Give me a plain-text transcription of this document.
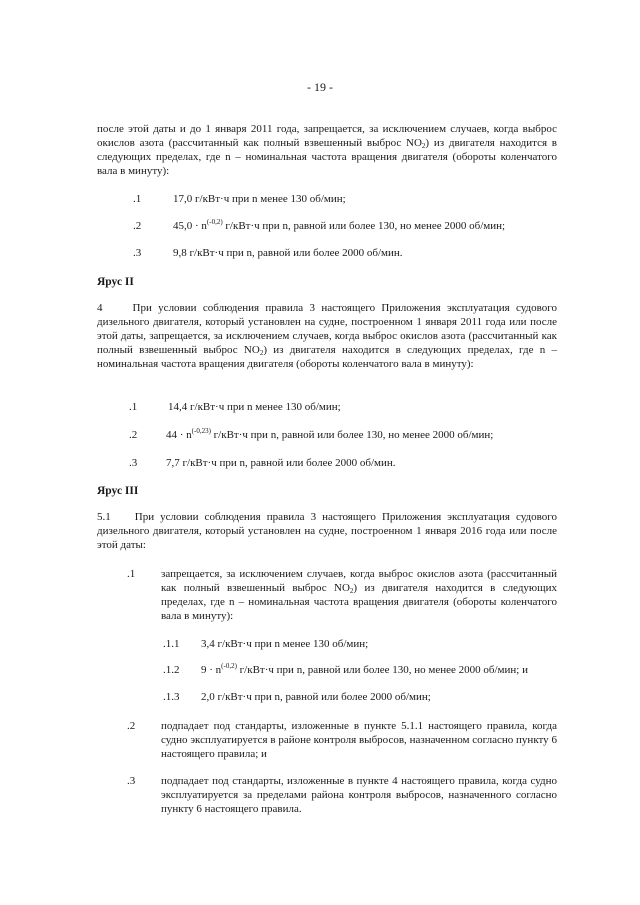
- 19 -

после этой даты и до 1 января 2011 года, запрещается, за исключением случаев, когда выброс окислов азота (рассчитанный как полный взвешенный выброс $NO_2$) из двигателя находится в следующих пределах, где n – номинальная частота вращения двигателя (обороты коленчатого вала в минуту):

.1	17,0 г/кВт·ч при n менее 130 об/мин;
.2	$45,0 \cdot n^{(-0,2)}$ г/кВт·ч при n, равной или более 130, но менее 2000 об/мин;
.3	9,8 г/кВт·ч при n, равной или более 2000 об/мин.
Ярус II

4	При условии соблюдения правила 3 настоящего Приложения эксплуатация судового дизельного двигателя, который установлен на судне, построенном 1 января 2011 года или после этой даты, запрещается, за исключением случаев, когда выброс окислов азота (рассчитанный как полный взвешенный выброс $NO_2$) из двигателя находится в следующих пределах, где n – номинальная частота вращения двигателя (обороты коленчатого вала в минуту):

.1	14,4 г/кВт·ч при n менее 130 об/мин;
.2	$44 \cdot n^{(-0,23)}$ г/кВт·ч при n, равной или более 130, но менее 2000 об/мин;
.3	7,7 г/кВт·ч при n, равной или более 2000 об/мин.
Ярус III

5.1 При условии соблюдения правила 3 настоящего Приложения эксплуатация судового дизельного двигателя, который установлен на судне, построенном 1 января 2016 года или после этой даты:

.1 запрещается, за исключением случаев, когда выброс окислов азота (рассчитанный как полный взвешенный выброс $NO_2$) из двигателя находится в следующих пределах, где n – номинальная частота вращения двигателя (обороты коленчатого вала в минуту):

.1.1 3,4 г/кВт·ч при n менее 130 об/мин;
.1.2 $9 \cdot n^{(-0,2)}$ г/кВт·ч при n, равной или более 130, но менее 2000 об/мин; и
.1.3 2,0 г/кВт·ч при n, равной или более 2000 об/мин;
.2 подпадает под стандарты, изложенные в пункте 5.1.1 настоящего правила, когда судно эксплуатируется в районе контроля выбросов, назначенном согласно пункту 6 настоящего правила; и

.3 подпадает под стандарты, изложенные в пункте 4 настоящего правила, когда судно эксплуатируется за пределами района контроля выбросов, назначенного согласно пункту 6 настоящего правила.
